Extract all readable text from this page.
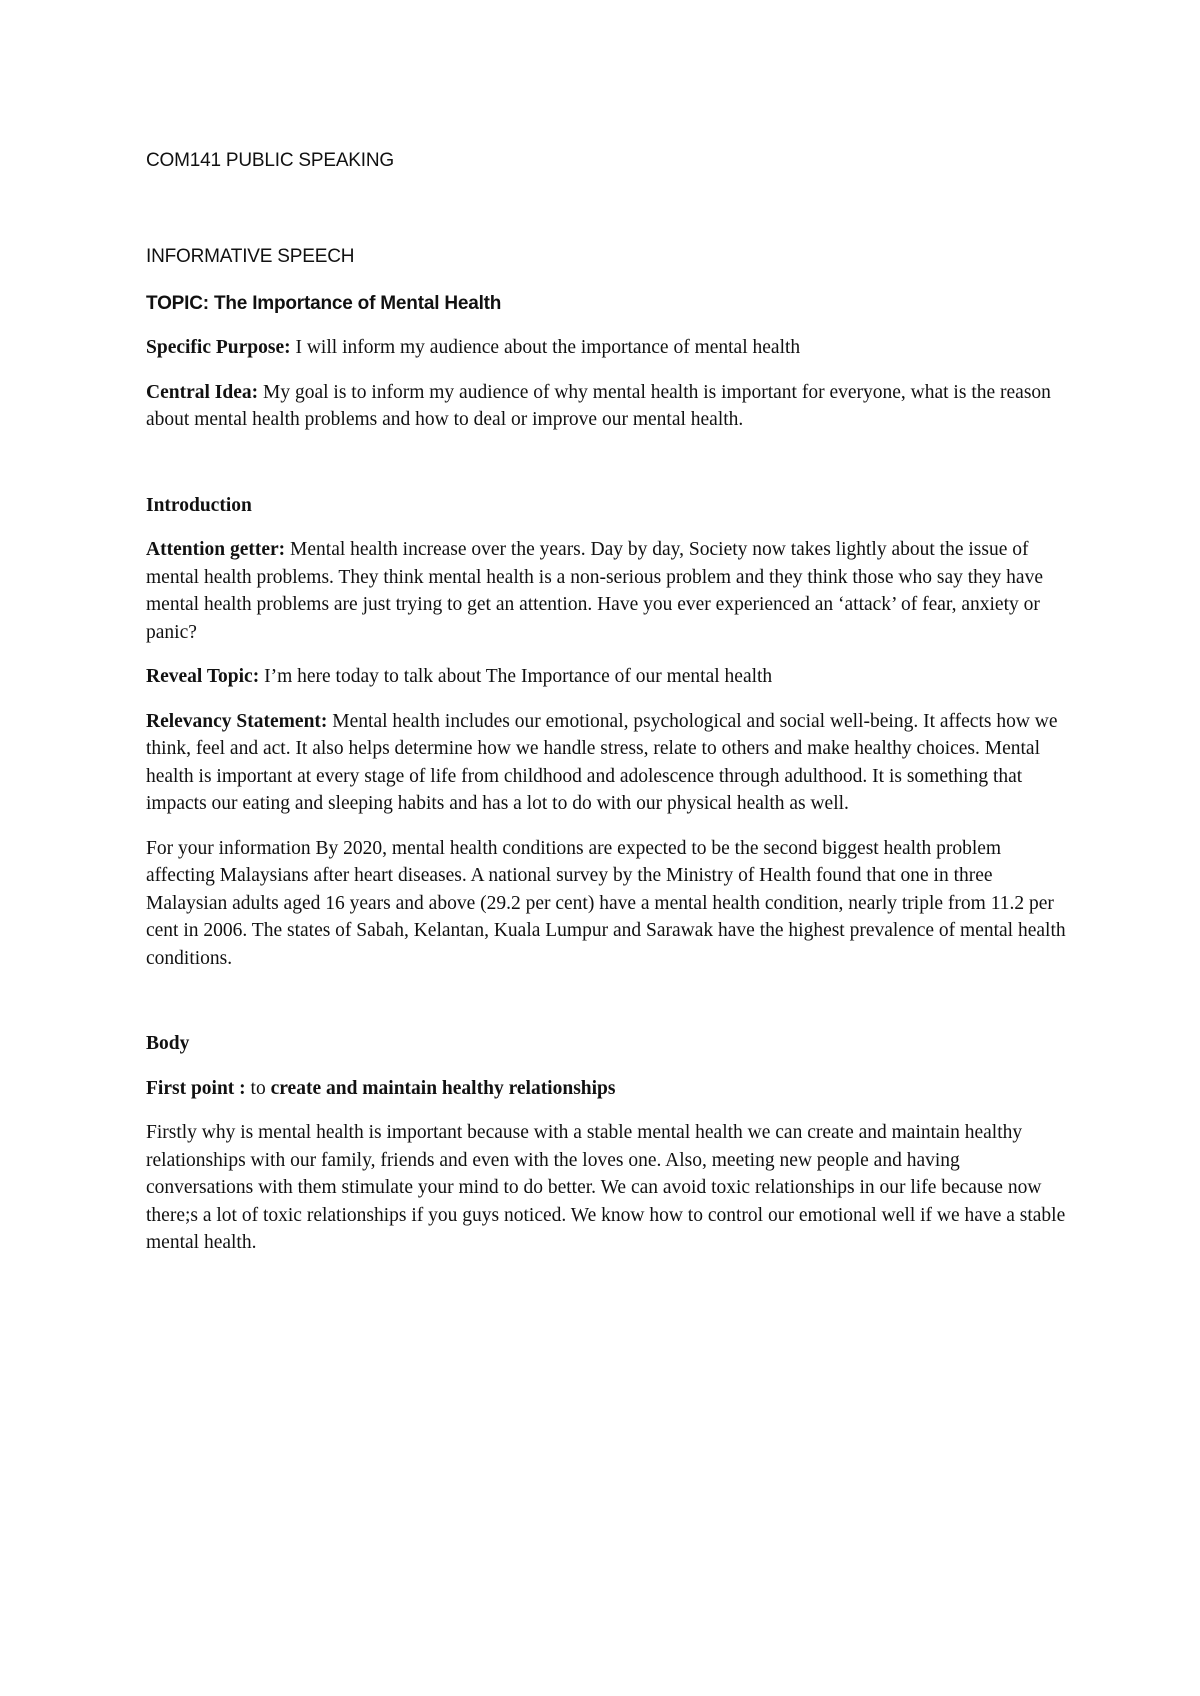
COM141 PUBLIC SPEAKING
INFORMATIVE SPEECH
TOPIC: The Importance of Mental Health

Specific Purpose: I will inform my audience about the importance of mental health

Central Idea: My goal is to inform my audience of why mental health is important for everyone, what is the reason about mental health problems and how to deal or improve our mental health.

Introduction

Attention getter: Mental health increase over the years. Day by day, Society now takes lightly about the issue of mental health problems. They think mental health is a non-serious problem and they think those who say they have mental health problems are just trying to get an attention. Have you ever experienced an ‘attack’ of fear, anxiety or panic?

Reveal Topic: I’m here today to talk about The Importance of our mental health

Relevancy Statement: Mental health includes our emotional, psychological and social well-being. It affects how we think, feel and act. It also helps determine how we handle stress, relate to others and make healthy choices. Mental health is important at every stage of life from childhood and adolescence through adulthood. It is something that impacts our eating and sleeping habits and has a lot to do with our physical health as well.

For your information By 2020, mental health conditions are expected to be the second biggest health problem affecting Malaysians after heart diseases. A national survey by the Ministry of Health found that one in three Malaysian adults aged 16 years and above (29.2 per cent) have a mental health condition, nearly triple from 11.2 per cent in 2006. The states of Sabah, Kelantan, Kuala Lumpur and Sarawak have the highest prevalence of mental health conditions.

Body

First point : to create and maintain healthy relationships

Firstly why is mental health is important because with a stable mental health we can create and maintain healthy relationships with our family, friends and even with the loves one. Also, meeting new people and having conversations with them stimulate your mind to do better. We can avoid toxic relationships in our life because now there;s a lot of toxic relationships if you guys noticed. We know how to control our emotional well if we have a stable mental health.
